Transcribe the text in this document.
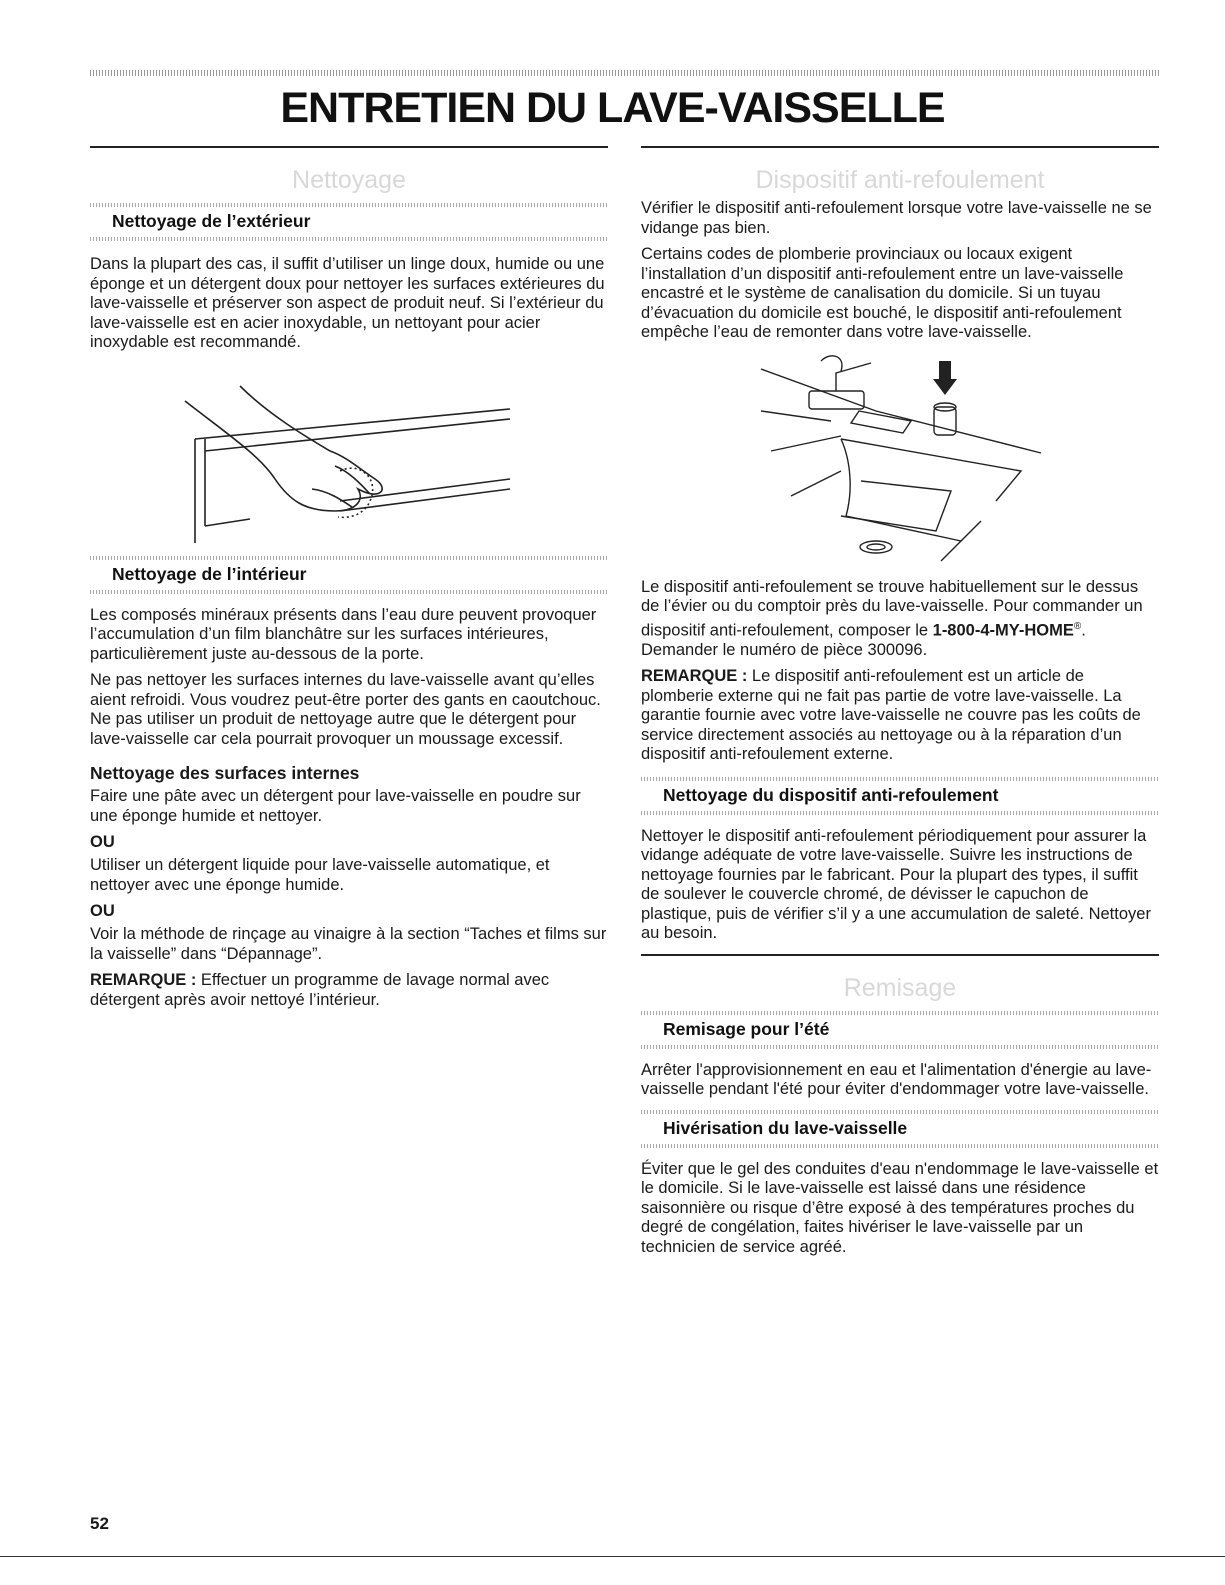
ENTRETIEN DU LAVE-VAISSELLE
Nettoyage
Nettoyage de l’extérieur

Dans la plupart des cas, il suffit d’utiliser un linge doux, humide ou une éponge et un détergent doux pour nettoyer les surfaces extérieures du lave-vaisselle et préserver son aspect de produit neuf. Si l’extérieur du lave-vaisselle est en acier inoxydable, un nettoyant pour acier inoxydable est recommandé.

Nettoyage de l’intérieur

Les composés minéraux présents dans l’eau dure peuvent provoquer l’accumulation d’un film blanchâtre sur les surfaces intérieures, particulièrement juste au-dessous de la porte.

Ne pas nettoyer les surfaces internes du lave-vaisselle avant qu’elles aient refroidi. Vous voudrez peut-être porter des gants en caoutchouc. Ne pas utiliser un produit de nettoyage autre que le détergent pour lave-vaisselle car cela pourrait provoquer un moussage excessif.

Nettoyage des surfaces internes

Faire une pâte avec un détergent pour lave-vaisselle en poudre sur une éponge humide et nettoyer.

OU

Utiliser un détergent liquide pour lave-vaisselle automatique, et nettoyer avec une éponge humide.

OU

Voir la méthode de rinçage au vinaigre à la section “Taches et films sur la vaisselle” dans “Dépannage”.

REMARQUE : Effectuer un programme de lavage normal avec détergent après avoir nettoyé l’intérieur.

Dispositif anti-refoulement

Vérifier le dispositif anti-refoulement lorsque votre lave-vaisselle ne se vidange pas bien.

Certains codes de plomberie provinciaux ou locaux exigent l’installation d’un dispositif anti-refoulement entre un lave-vaisselle encastré et le système de canalisation du domicile. Si un tuyau d’évacuation du domicile est bouché, le dispositif anti-refoulement empêche l’eau de remonter dans votre lave-vaisselle.

Le dispositif anti-refoulement se trouve habituellement sur le dessus de l’évier ou du comptoir près du lave-vaisselle. Pour commander un dispositif anti-refoulement, composer le 1-800-4-MY-HOME®. Demander le numéro de pièce 300096.

REMARQUE : Le dispositif anti-refoulement est un article de plomberie externe qui ne fait pas partie de votre lave-vaisselle. La garantie fournie avec votre lave-vaisselle ne couvre pas les coûts de service directement associés au nettoyage ou à la réparation d’un dispositif anti-refoulement externe.

Nettoyage du dispositif anti-refoulement

Nettoyer le dispositif anti-refoulement périodiquement pour assurer la vidange adéquate de votre lave-vaisselle. Suivre les instructions de nettoyage fournies par le fabricant. Pour la plupart des types, il suffit de soulever le couvercle chromé, de dévisser le capuchon de plastique, puis de vérifier s’il y a une accumulation de saleté. Nettoyer au besoin.

Remisage
Remisage pour l’été

Arrêter l'approvisionnement en eau et l'alimentation d'énergie au lave-vaisselle pendant l'été pour éviter d'endommager votre lave-vaisselle.

Hivérisation du lave-vaisselle

Éviter que le gel des conduites d'eau n'endommage le lave-vaisselle et le domicile. Si le lave-vaisselle est laissé dans une résidence saisonnière ou risque d’être exposé à des températures proches du degré de congélation, faites hivériser le lave-vaisselle par un technicien de service agréé.

52
